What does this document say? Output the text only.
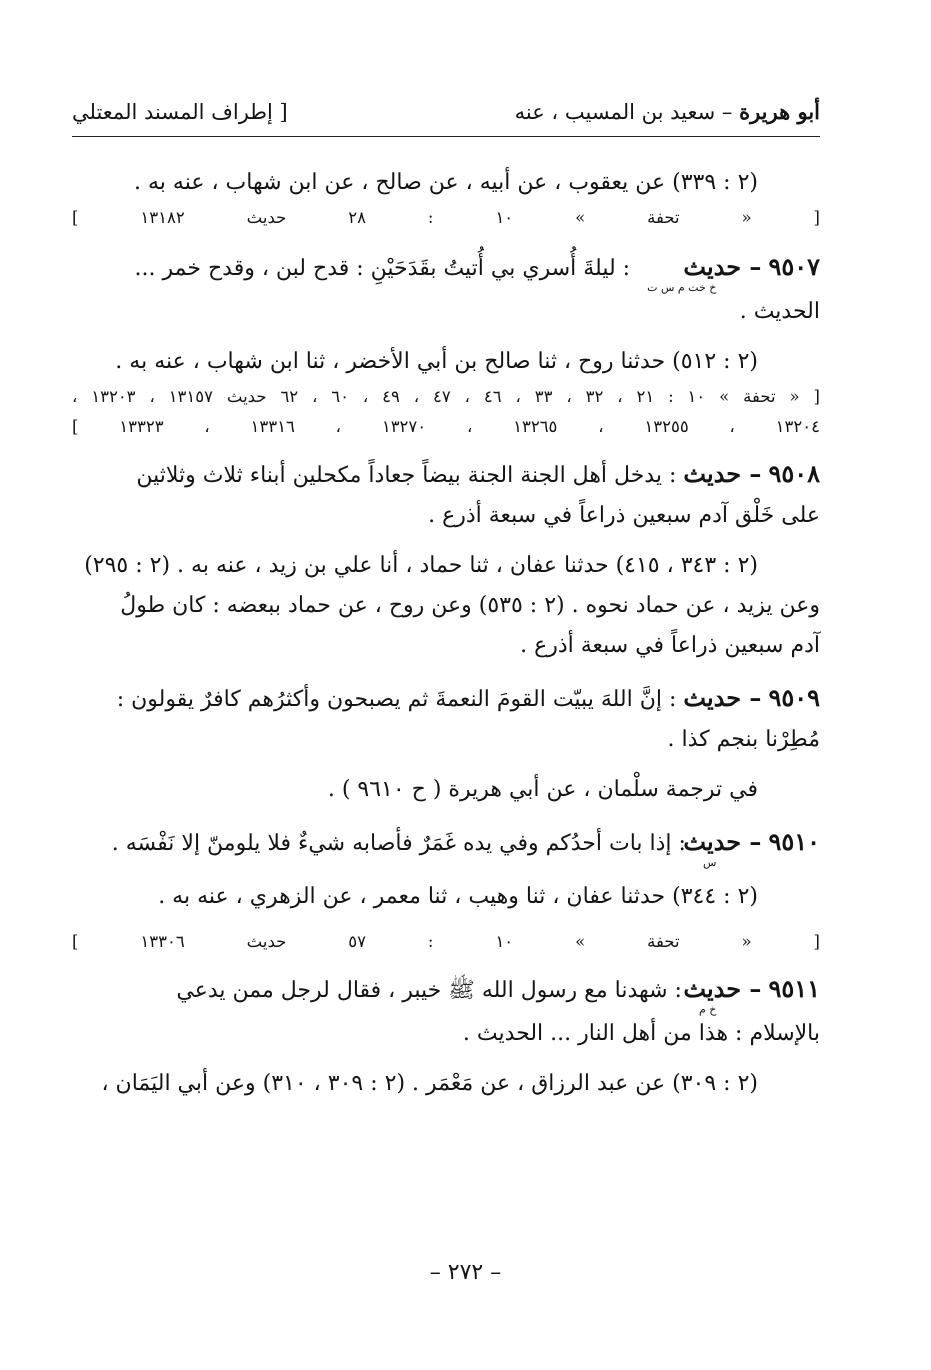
أبو هريرة – سعيد بن المسيب ، عنه
[ إطراف المسند المعتلي
(٢ : ٣٣٩) عن يعقوب ، عن أبيه ، عن صالح ، عن ابن شهاب ، عنه به .
[ « تحفة » ١٠ : ٢٨ حديث ١٣١٨٢ ]
٩٥٠٧ – حديث $_{خ خت م س ت}$ : ليلةَ أُسري بي أُتيتُ بقَدَحَيْنِ : قدح لبن ، وقدح خمر ...
الحديث .
(٢ : ٥١٢) حدثنا روح ، ثنا صالح بن أبي الأخضر ، ثنا ابن شهاب ، عنه به .
[ « تحفة » ١٠ : ٢١ ، ٣٢ ، ٣٣ ، ٤٦ ، ٤٧ ، ٤٩ ، ٦٠ ، ٦٢ حديث ١٣١٥٧ ، ١٣٢٠٣ ،
١٣٢٠٤ ، ١٣٢٥٥ ، ١٣٢٦٥ ، ١٣٢٧٠ ، ١٣٣١٦ ، ١٣٣٢٣ ]
٩٥٠٨ – حديث : يدخل أهل الجنة الجنة بيضاً جعاداً مكحلين أبناء ثلاث وثلاثين
على خَلْق آدم سبعين ذراعاً في سبعة أذرع .
(٢ : ٣٤٣ ، ٤١٥) حدثنا عفان ، ثنا حماد ، أنا علي بن زيد ، عنه به . (٢ : ٢٩٥)
وعن يزيد ، عن حماد نحوه . (٢ : ٥٣٥) وعن روح ، عن حماد ببعضه : كان طولُ
آدم سبعين ذراعاً في سبعة أذرع .
٩٥٠٩ – حديث : إنَّ اللهَ يبيّت القومَ النعمةَ ثم يصبحون وأكثرُهم كافرٌ يقولون :
مُطِرْنا بنجم كذا .
في ترجمة سلْمان ، عن أبي هريرة ( ح ٩٦١٠ ) .
٩٥١٠ – حديث $_س$ : إذا بات أحدُكم وفي يده غَمَرٌ فأصابه شيءٌ فلا يلومنّ إلا نَفْسَه .
(٢ : ٣٤٤) حدثنا عفان ، ثنا وهيب ، ثنا معمر ، عن الزهري ، عنه به .
[ « تحفة » ١٠ : ٥٧ حديث ١٣٣٠٦ ]
٩٥١١ – حديث $_{خ م}$ : شهدنا مع رسول الله ﷺ خيبر ، فقال لرجل ممن يدعي
بالإسلام : هذا من أهل النار ... الحديث .
(٢ : ٣٠٩) عن عبد الرزاق ، عن مَعْمَر . (٢ : ٣٠٩ ، ٣١٠) وعن أبي اليَمَان ،
– ٢٧٢ –
